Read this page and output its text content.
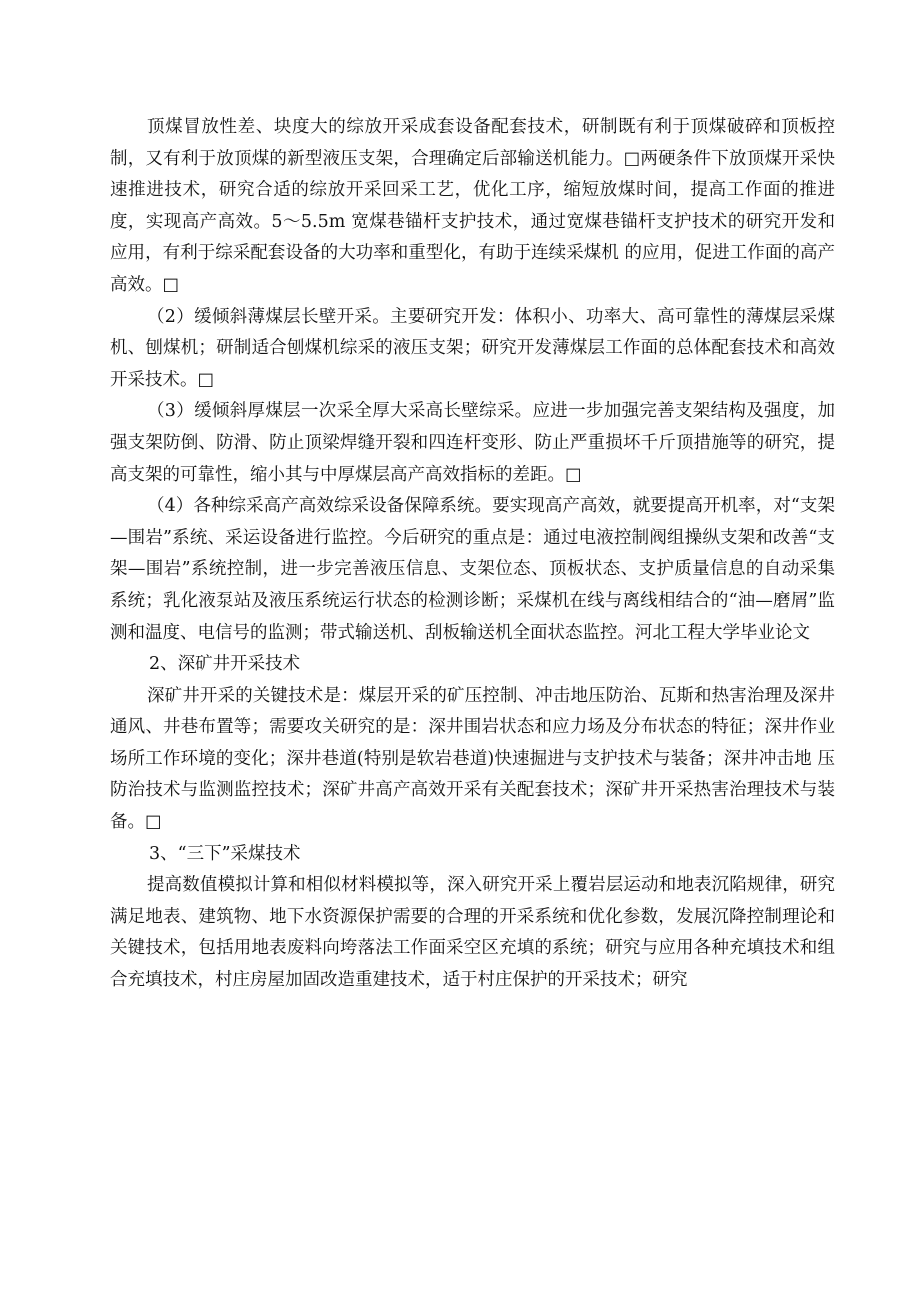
顶煤冒放性差、块度大的综放开采成套设备配套技术，研制既有利于顶煤破碎和顶板控制，又有利于放顶煤的新型液压支架，合理确定后部输送机能力。□两硬条件下放顶煤开采快速推进技术，研究合适的综放开采回采工艺，优化工序，缩短放煤时间，提高工作面的推进度，实现高产高效。5～5.5m 宽煤巷锚杆支护技术，通过宽煤巷锚杆支护技术的研究开发和应用，有利于综采配套设备的大功率和重型化，有助于连续采煤机 的应用，促进工作面的高产高效。□

（2）缓倾斜薄煤层长壁开采。主要研究开发：体积小、功率大、高可靠性的薄煤层采煤机、刨煤机；研制适合刨煤机综采的液压支架；研究开发薄煤层工作面的总体配套技术和高效开采技术。□

（3）缓倾斜厚煤层一次采全厚大采高长壁综采。应进一步加强完善支架结构及强度，加强支架防倒、防滑、防止顶梁焊缝开裂和四连杆变形、防止严重损坏千斤顶措施等的研究，提高支架的可靠性，缩小其与中厚煤层高产高效指标的差距。□

（4）各种综采高产高效综采设备保障系统。要实现高产高效，就要提高开机率，对“支架—围岩”系统、采运设备进行监控。今后研究的重点是：通过电液控制阀组操纵支架和改善“支架—围岩”系统控制，进一步完善液压信息、支架位态、顶板状态、支护质量信息的自动采集系统；乳化液泵站及液压系统运行状态的检测诊断；采煤机在线与离线相结合的“油—磨屑”监测和温度、电信号的监测；带式输送机、刮板输送机全面状态监控。河北工程大学毕业论文

2、深矿井开采技术

深矿井开采的关键技术是：煤层开采的矿压控制、冲击地压防治、瓦斯和热害治理及深井通风、井巷布置等；需要攻关研究的是：深井围岩状态和应力场及分布状态的特征；深井作业场所工作环境的变化；深井巷道(特别是软岩巷道)快速掘进与支护技术与装备；深井冲击地 压防治技术与监测监控技术；深矿井高产高效开采有关配套技术；深矿井开采热害治理技术与装备。□

3、“三下”采煤技术

提高数值模拟计算和相似材料模拟等，深入研究开采上覆岩层运动和地表沉陷规律，研究满足地表、建筑物、地下水资源保护需要的合理的开采系统和优化参数，发展沉降控制理论和关键技术，包括用地表废料向垮落法工作面采空区充填的系统；研究与应用各种充填技术和组合充填技术，村庄房屋加固改造重建技术，适于村庄保护的开采技术；研究
